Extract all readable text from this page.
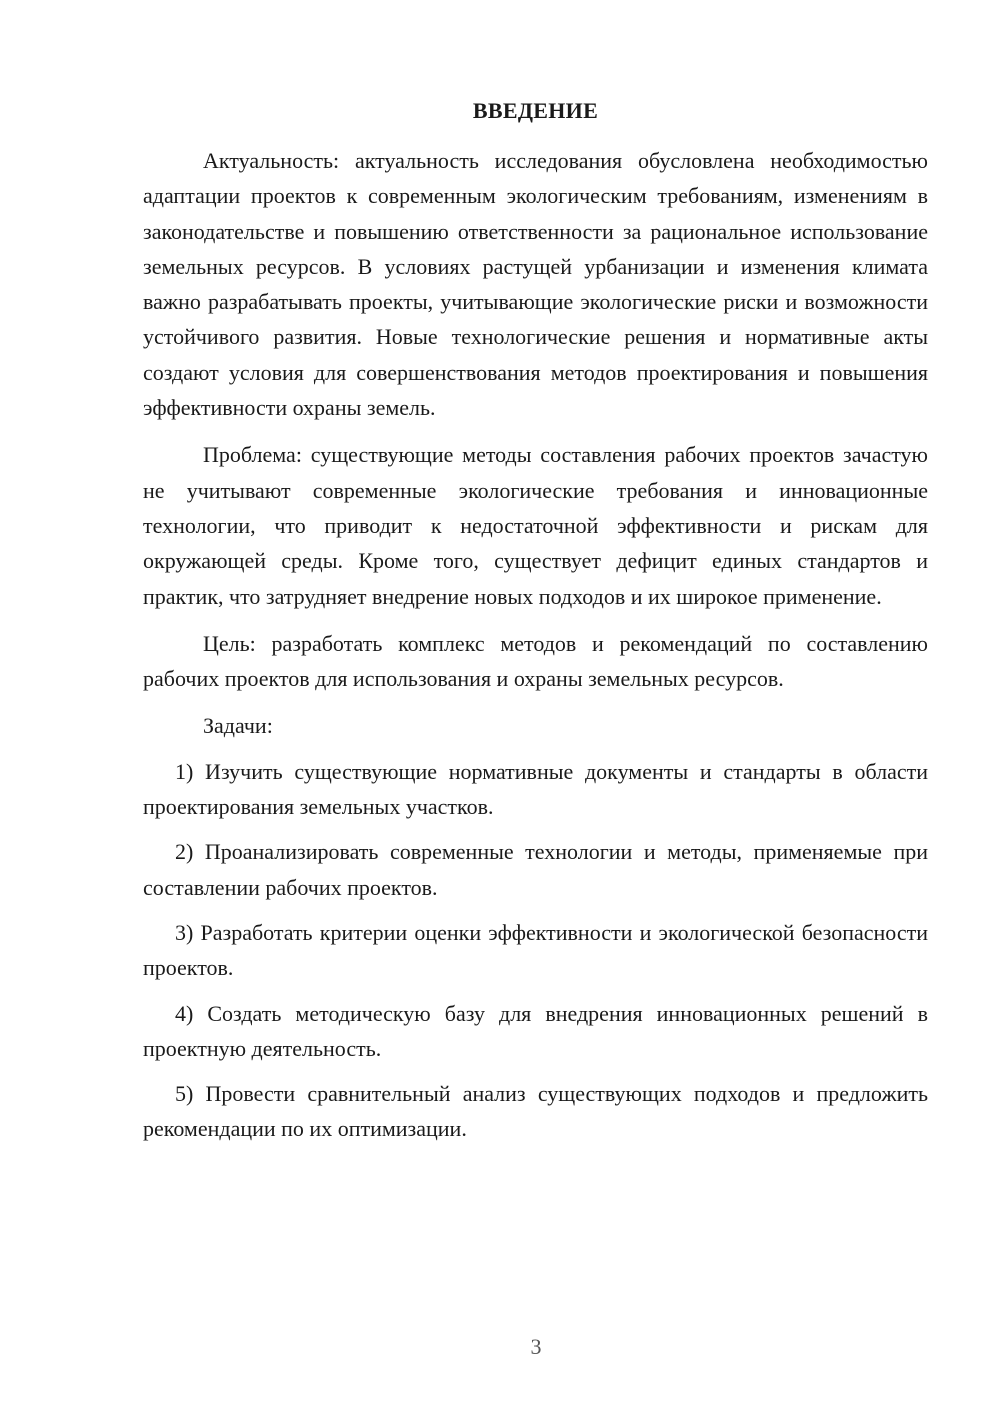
ВВЕДЕНИЕ

Актуальность: актуальность исследования обусловлена необходимостью адаптации проектов к современным экологическим требованиям, изменениям в законодательстве и повышению ответственности за рациональное использование земельных ресурсов. В условиях растущей урбанизации и изменения климата важно разрабатывать проекты, учитывающие экологические риски и возможности устойчивого развития. Новые технологические решения и нормативные акты создают условия для совершенствования методов проектирования и повышения эффективности охраны земель.

Проблема: существующие методы составления рабочих проектов зачастую не учитывают современные экологические требования и инновационные технологии, что приводит к недостаточной эффективности и рискам для окружающей среды. Кроме того, существует дефицит единых стандартов и практик, что затрудняет внедрение новых подходов и их широкое применение.

Цель: разработать комплекс методов и рекомендаций по составлению рабочих проектов для использования и охраны земельных ресурсов.

Задачи:

1) Изучить существующие нормативные документы и стандарты в области проектирования земельных участков.

2) Проанализировать современные технологии и методы, применяемые при составлении рабочих проектов.

3) Разработать критерии оценки эффективности и экологической безопасности проектов.

4) Создать методическую базу для внедрения инновационных решений в проектную деятельность.

5) Провести сравнительный анализ существующих подходов и предложить рекомендации по их оптимизации.

3
